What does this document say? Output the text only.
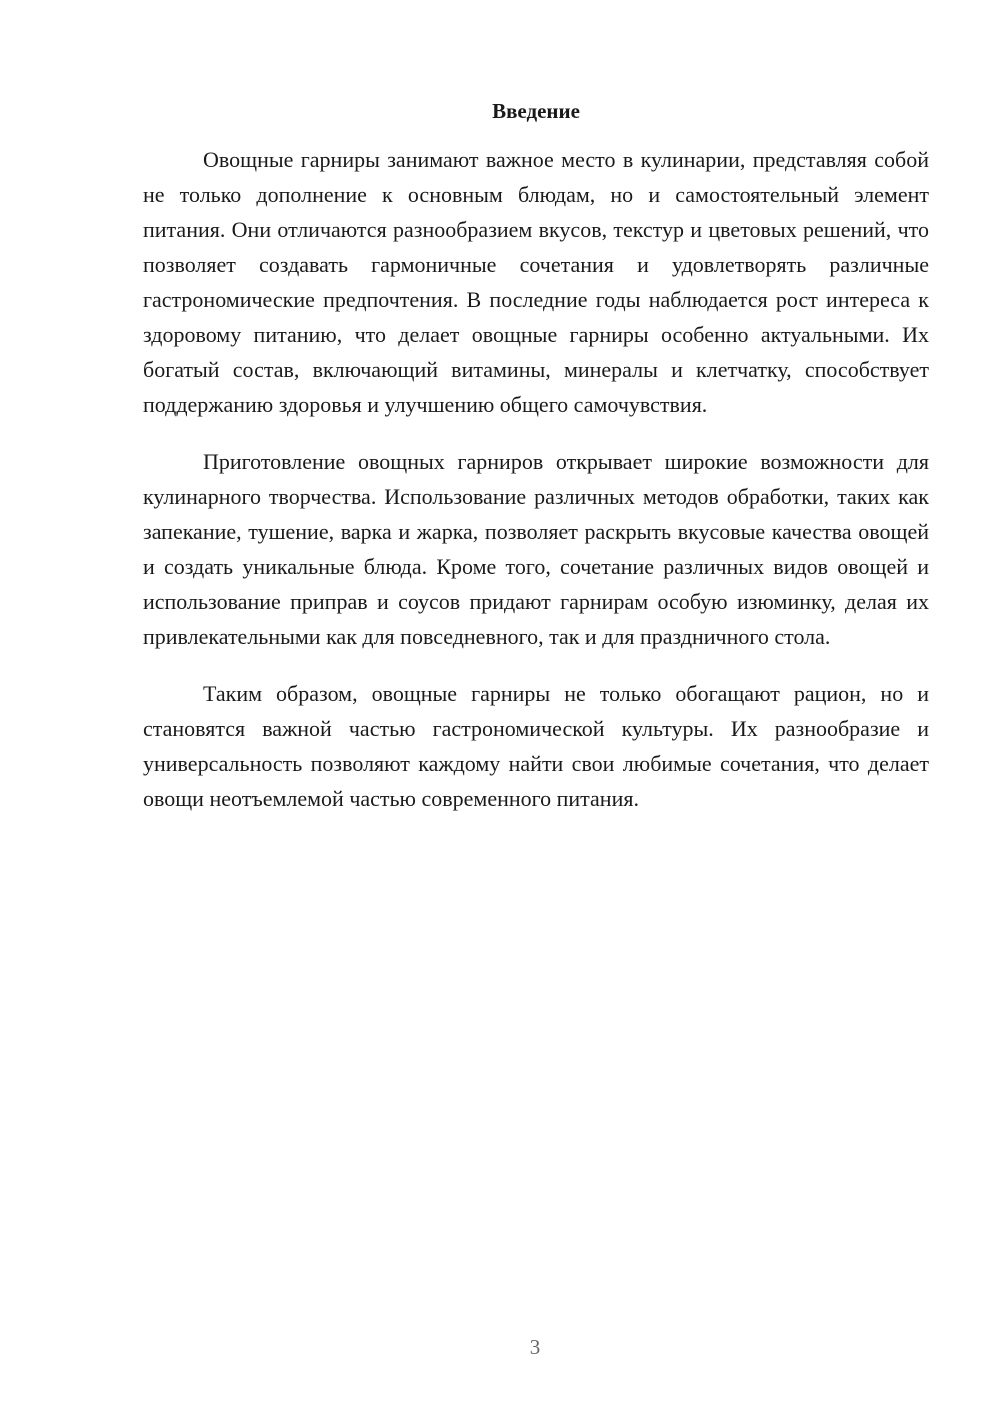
Введение

Овощные гарниры занимают важное место в кулинарии, представляя собой не только дополнение к основным блюдам, но и самостоятельный элемент питания. Они отличаются разнообразием вкусов, текстур и цветовых решений, что позволяет создавать гармоничные сочетания и удовлетворять различные гастрономические предпочтения. В последние годы наблюдается рост интереса к здоровому питанию, что делает овощные гарниры особенно актуальными. Их богатый состав, включающий витамины, минералы и клетчатку, способствует поддержанию здоровья и улучшению общего самочувствия.

Приготовление овощных гарниров открывает широкие возможности для кулинарного творчества. Использование различных методов обработки, таких как запекание, тушение, варка и жарка, позволяет раскрыть вкусовые качества овощей и создать уникальные блюда. Кроме того, сочетание различных видов овощей и использование приправ и соусов придают гарнирам особую изюминку, делая их привлекательными как для повседневного, так и для праздничного стола.

Таким образом, овощные гарниры не только обогащают рацион, но и становятся важной частью гастрономической культуры. Их разнообразие и универсальность позволяют каждому найти свои любимые сочетания, что делает овощи неотъемлемой частью современного питания.

3
